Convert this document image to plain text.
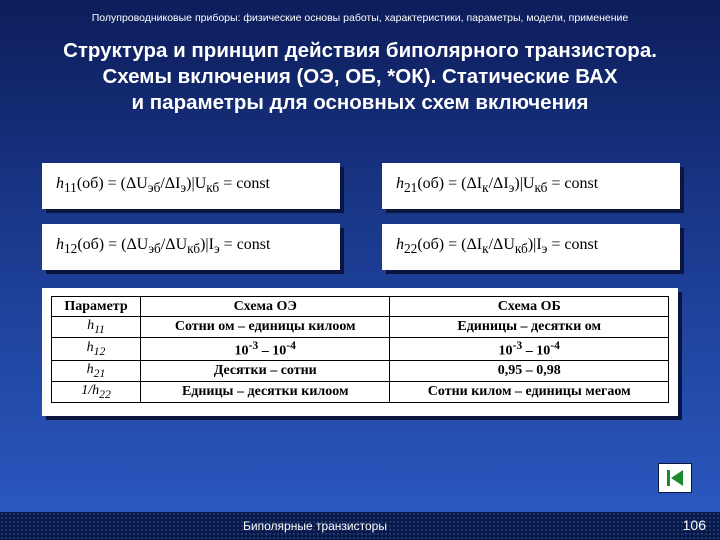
Полупроводниковые приборы: физические основы работы, характеристики, параметры, модели, применение
Структура и принцип действия биполярного транзистора.
Схемы включения (ОЭ, ОБ, *ОК). Статические ВАХ
и параметры для основных схем включения
$h_{11}(об) = (\Delta U_{эб}/\Delta I_э)|U_{кб}$ = const	$h_{21}(об) = (\Delta I_к/\Delta I_э)|U_{кб}$ = const
$h_{12}(об) = (\Delta U_{эб}/\Delta U_{кб})|I_э$ = const	$h_{22}(об) = (\Delta I_к/\Delta U_{кб})|I_э$ = const
Параметр	Схема ОЭ	Схема ОБ
$h_{11}$	Сотни ом – единицы килоом	Единицы – десятки ом
$h_{12}$	$10^{-3} - 10^{-4}$	$10^{-3} - 10^{-4}$
$h_{21}$	Десятки – сотни	0,95 – 0,98
$1/h_{22}$	Едницы – десятки килоом	Сотни килом – единицы мегаом
Биполярные транзисторы	106
